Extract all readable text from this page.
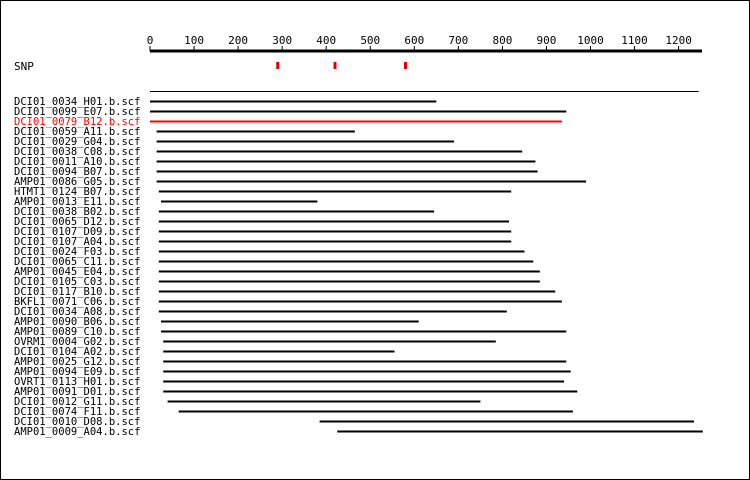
0	100 200 300 400 500 600 700 800 900 1000 1100 1200
SNP
DCI01_0034_H01.b.scf
DCI01_0099_E07.b.scf
DCI01_0079_B12.b.scf
DCI01_0059_A11.b.scf
DCI01_0029_G04.b.scf
DCI01_0038_C08.b.scf
DCI01_0011_A10.b.scf
DCI01_0094_B07.b.scf
AMP01_0086_G05.b.scf
HTMT1_0124_B07.b.scf
AMP01_0013_E11.b.scf
DCI01_0038_B02.b.scf
DCI01_0065_D12.b.scf
DCI01_0107_D09.b.scf
DCI01_0107_A04.b.scf
DCI01_0024_F03.b.scf
DCI01_0065_C11.b.scf
AMP01_0045_E04.b.scf
DCI01_0105_C03.b.scf
DCI01_0117_B10.b.scf
BKFL1_0071_C06.b.scf
DCI01_0034_A08.b.scf
AMP01_0090_B06.b.scf
AMP01_0089_C10.b.scf
OVRM1_0004_G02.b.scf
DCI01_0104_A02.b.scf
AMP01_0025_G12.b.scf
AMP01_0094_E09.b.scf
OVRT1_0113_H01.b.scf
AMP01_0091_D01.b.scf
DCI01_0012_G11.b.scf
DCI01_0074_F11.b.scf
DCI01_0010_D08.b.scf
AMP01_0009_A04.b.scf
